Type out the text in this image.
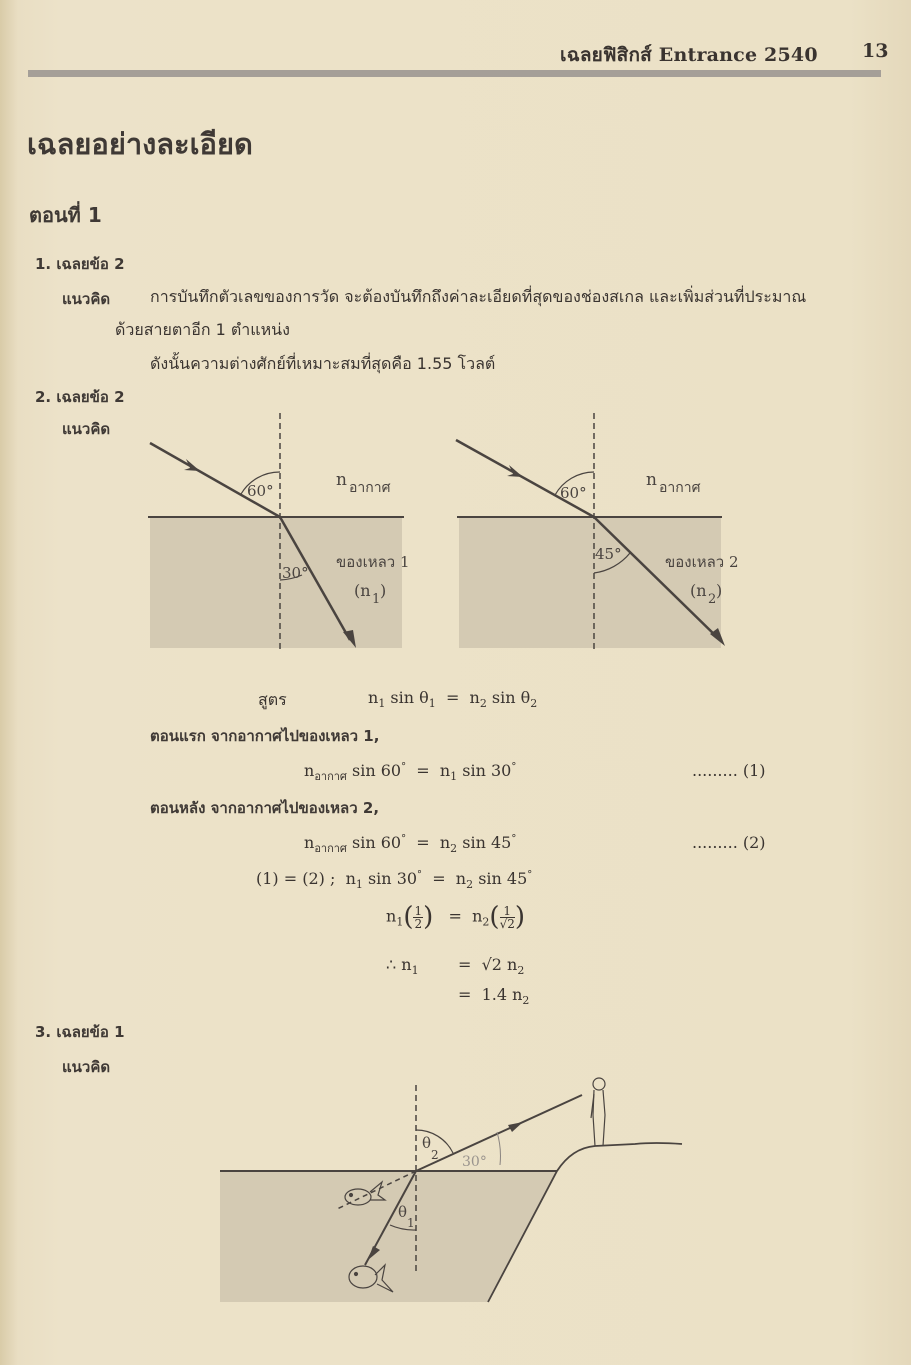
เฉลยฟิสิกส์ Entrance 2540 13
เฉลยอย่างละเอียด
ตอนที่ 1
1. เฉลยข้อ 2
แนวคิด การบันทึกตัวเลขของการวัด จะต้องบันทึกถึงค่าละเอียดที่สุดของช่องสเกล และเพิ่มส่วนที่ประมาณ
ด้วยสายตาอีก 1 ตำแหน่ง
ดังนั้นความต่างศักย์ที่เหมาะสมที่สุดคือ 1.55 โวลต์
2. เฉลยข้อ 2
แนวคิด
60°
30°
n อากาศ
ของเหลว 1
(n 1 )
60°
45°
n อากาศ
ของเหลว 2
(n 2 )
สูตร	$n_1$ $\sin \theta_1 = n_2$ $\sin \theta_2$
ตอนแรก จากอากาศไปของเหลว 1,
$n_{อากาศ}$ $\sin 60^\circ = n_1$ sin 30°	......... (1)
ตอนหลัง จากอากาศไปของเหลว 2,
$n_{อากาศ}$ $\sin 60^\circ = n_2$ sin 45°	......... (2)
(1) = (2) ; $n_1$ $\sin 30^\circ = n_2$ sin 45°
$n_1( \frac{1}{2}$ ) = $n_2( \frac{1}{√2}$ )
∴ $n_1 = √2$ $n_2$
= 1.4 $n_2$
3. เฉลยข้อ 1
แนวคิด
θ
2
θ
1
30°
